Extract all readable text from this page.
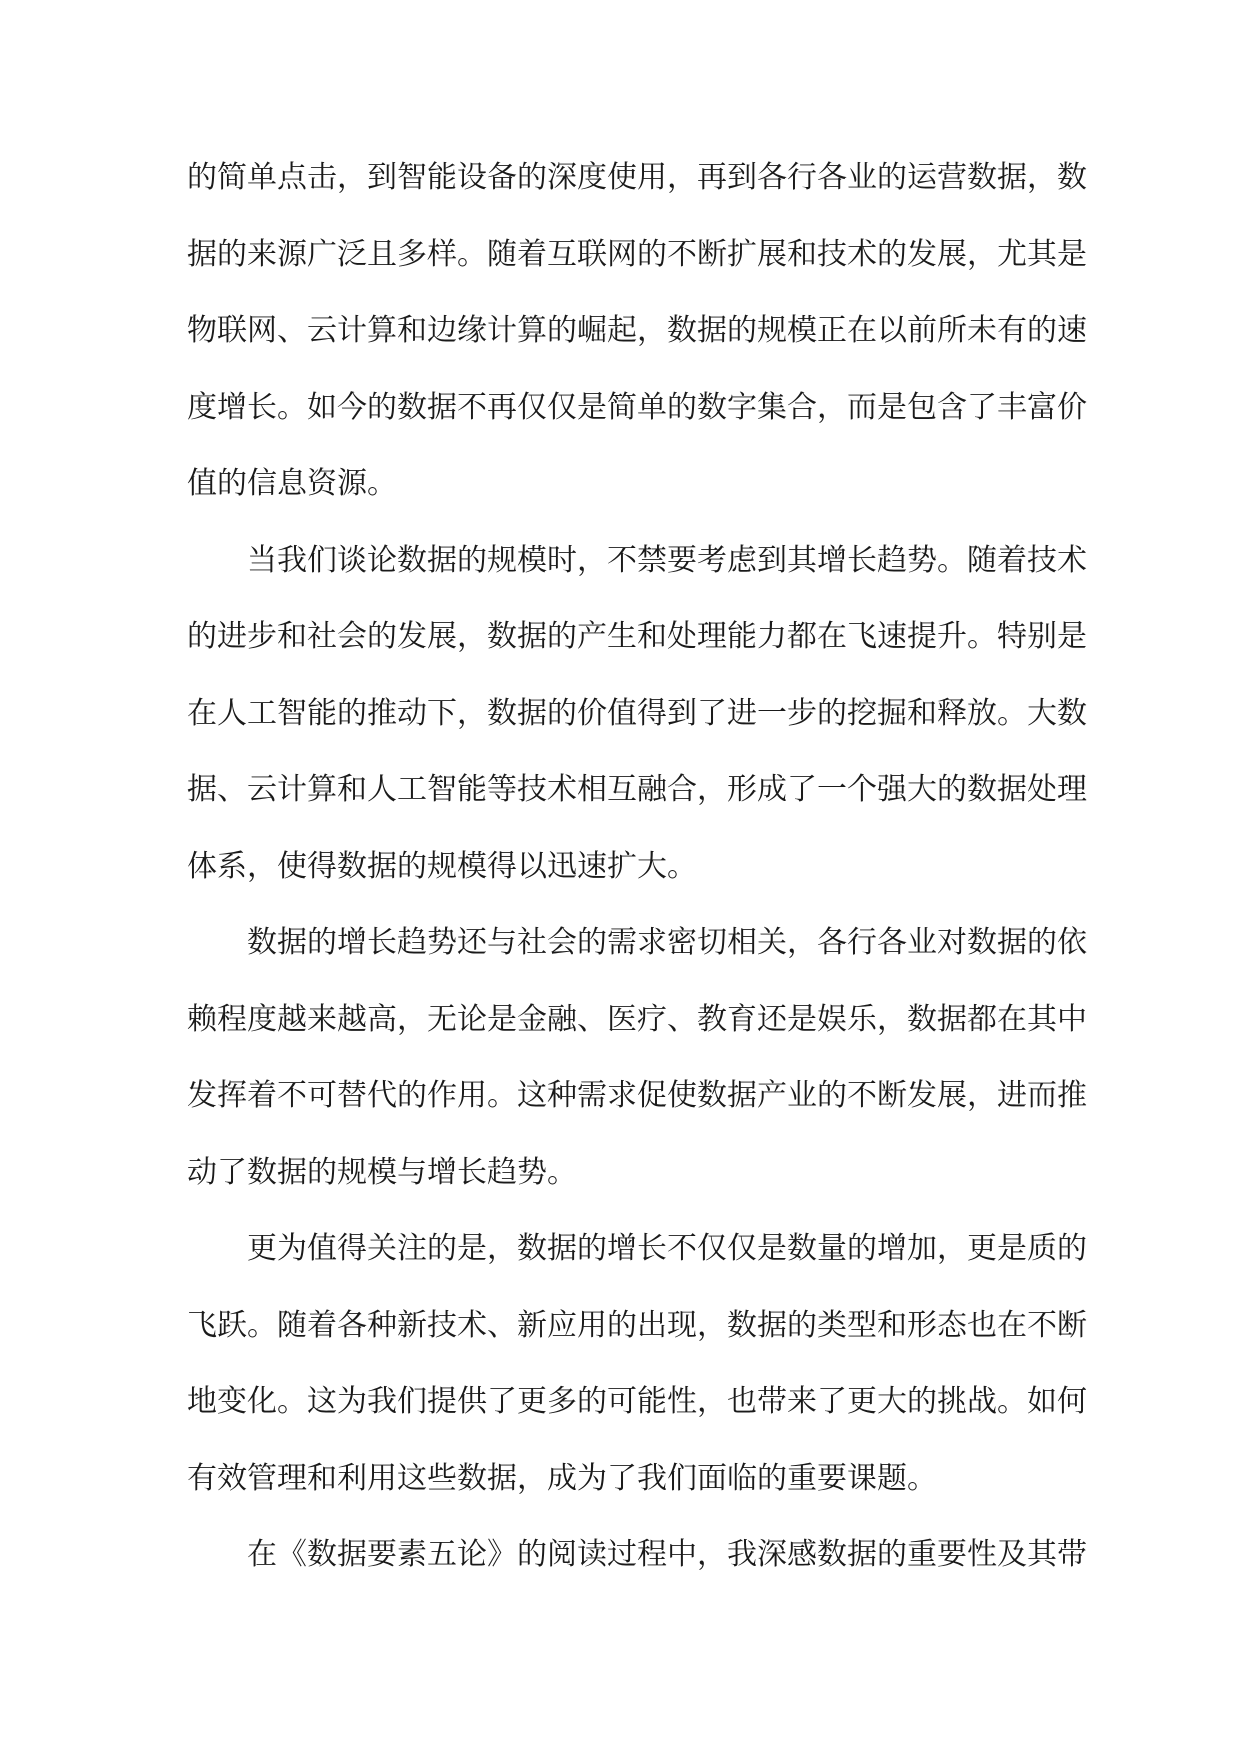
的简单点击，到智能设备的深度使用，再到各行各业的运营数据，数
据的来源广泛且多样。随着互联网的不断扩展和技术的发展，尤其是
物联网、云计算和边缘计算的崛起，数据的规模正在以前所未有的速
度增长。如今的数据不再仅仅是简单的数字集合，而是包含了丰富价
值的信息资源。
当我们谈论数据的规模时，不禁要考虑到其增长趋势。随着技术
的进步和社会的发展，数据的产生和处理能力都在飞速提升。特别是
在人工智能的推动下，数据的价值得到了进一步的挖掘和释放。大数
据、云计算和人工智能等技术相互融合，形成了一个强大的数据处理
体系，使得数据的规模得以迅速扩大。
数据的增长趋势还与社会的需求密切相关，各行各业对数据的依
赖程度越来越高，无论是金融、医疗、教育还是娱乐，数据都在其中
发挥着不可替代的作用。这种需求促使数据产业的不断发展，进而推
动了数据的规模与增长趋势。
更为值得关注的是，数据的增长不仅仅是数量的增加，更是质的
飞跃。随着各种新技术、新应用的出现，数据的类型和形态也在不断
地变化。这为我们提供了更多的可能性，也带来了更大的挑战。如何
有效管理和利用这些数据，成为了我们面临的重要课题。
在《数据要素五论》的阅读过程中，我深感数据的重要性及其带
